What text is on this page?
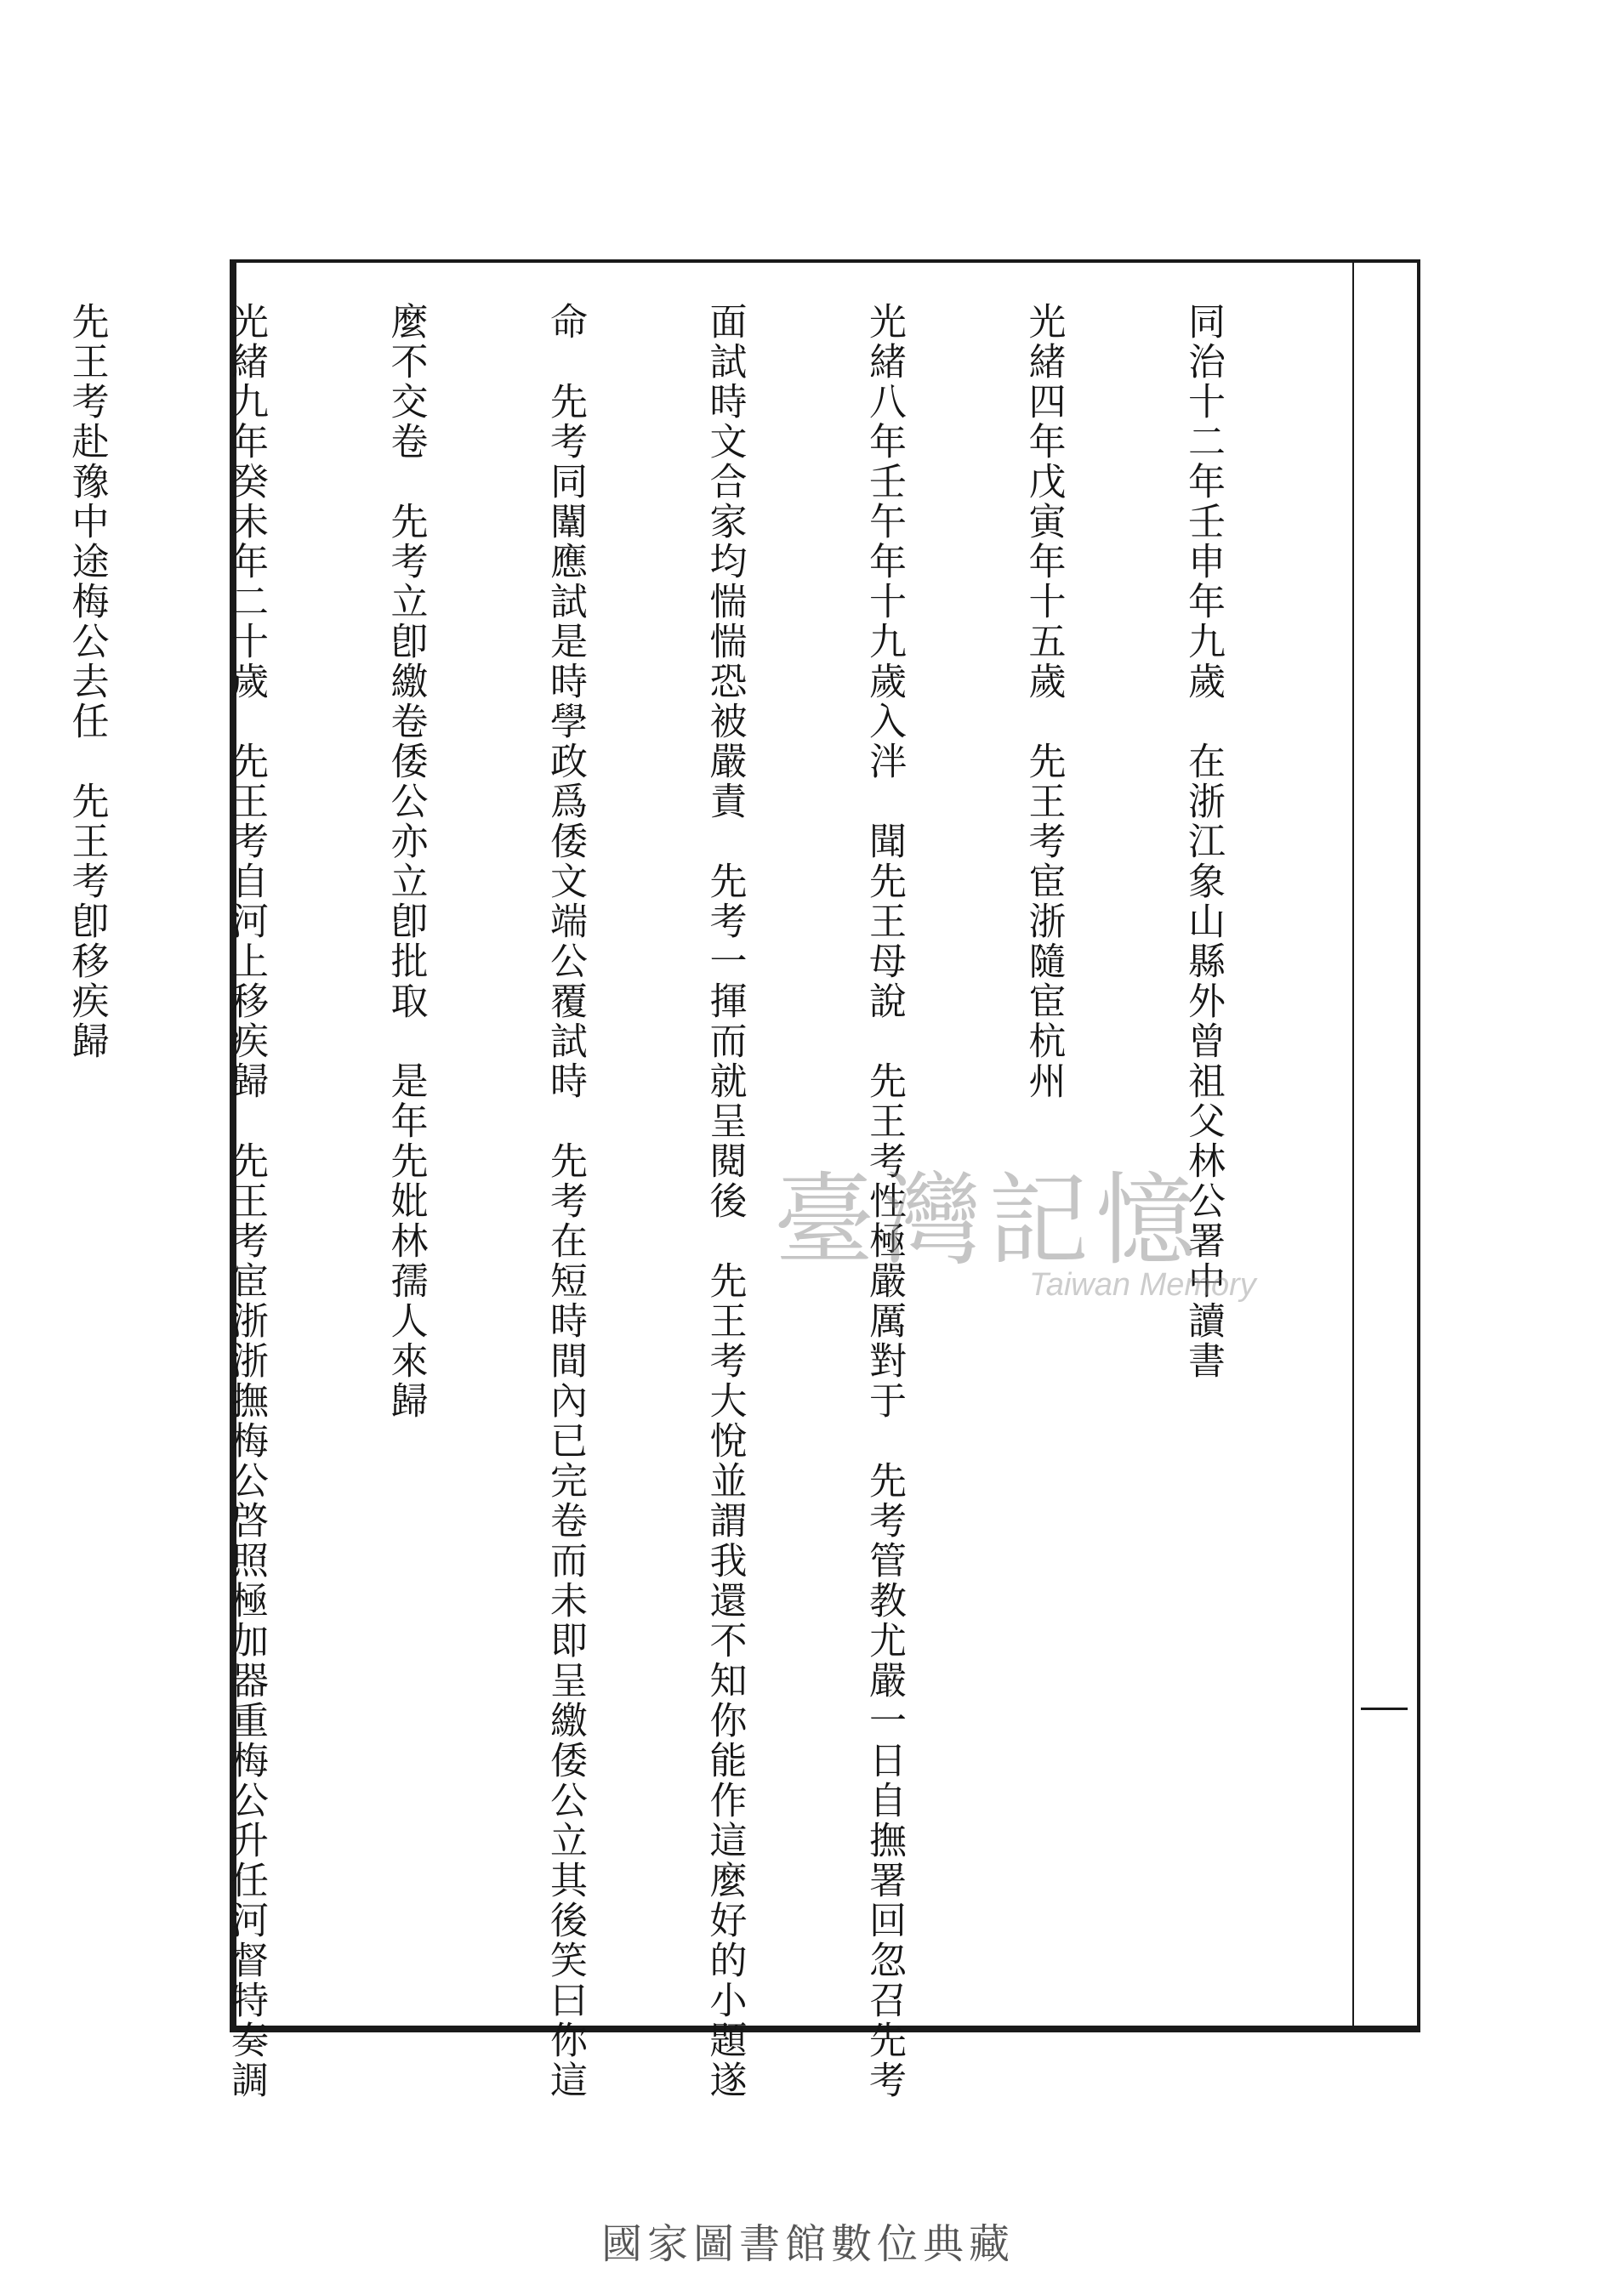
同治十二年壬申年九歲　在浙江象山縣外曾祖父林公署中讀書

光緒四年戊寅年十五歲　先王考宦浙隨宦杭州

光緒八年壬午年十九歲入泮　聞先王母說　先王考性極嚴厲對于　先考管教尤嚴一日自撫署回忽召先考

面試時文合家均惴惴恐被嚴責　先考一揮而就呈閱後　先王考大悅並謂我還不知你能作這麼好的小題遂

命　先考同闈應試是時學政爲倭文端公覆試時　先考在短時間內已完卷而未即呈繳倭公立其後笑曰你這

麼不交卷　先考立卽繳卷倭公亦立卽批取　是年先妣林孺人來歸

光緒九年癸未年二十歲　先王考自河上移疾歸　先王考宦浙浙撫梅公啓照極加器重梅公升任河督特奏調

先王考赴豫中途梅公去任　先王考卽移疾歸

臺灣記憶
Taiwan Memory
國家圖書館數位典藏
